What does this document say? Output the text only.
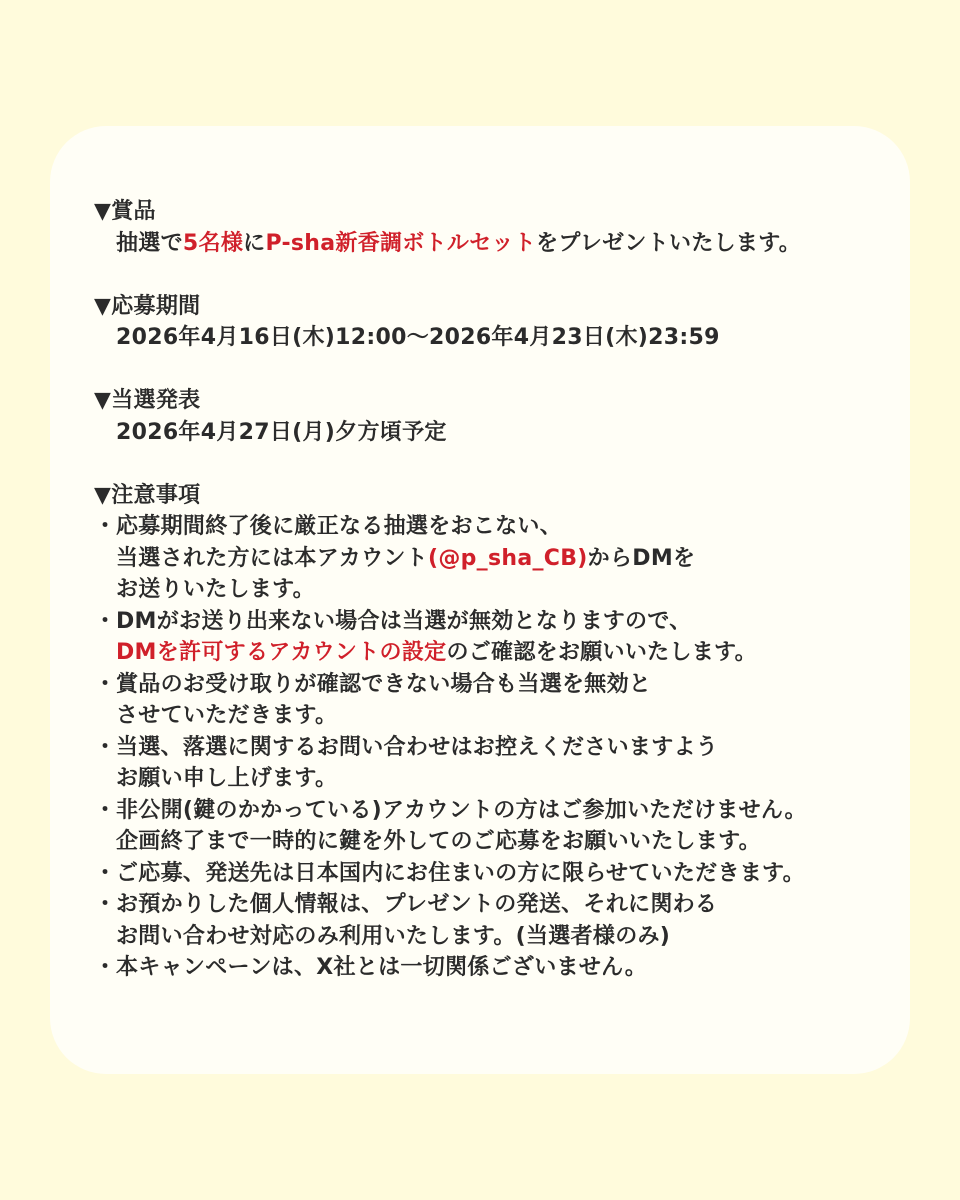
▼賞品
抽選で5名様にP-sha新香調ボトルセットをプレゼントいたします。
▼応募期間
2026年4月16日(木)12:00〜2026年4月23日(木)23:59
▼当選発表
2026年4月27日(月)夕方頃予定
▼注意事項
・ 応募期間終了後に厳正なる抽選をおこない、
当選された方には本アカウント(@p_sha_CB)からDMを
お送りいたします。
・ DMがお送り出来ない場合は当選が無効となりますので、
DMを許可するアカウントの設定のご確認をお願いいたします。
・ 賞品のお受け取りが確認できない場合も当選を無効と
させていただきます。
・ 当選、落選に関するお問い合わせはお控えくださいますよう
お願い申し上げます。
・ 非公開(鍵のかかっている)アカウントの方はご参加いただけません。
企画終了まで一時的に鍵を外してのご応募をお願いいたします。
・ ご応募、発送先は日本国内にお住まいの方に限らせていただきます。
・ お預かりした個人情報は、プレゼントの発送、それに関わる
お問い合わせ対応のみ利用いたします。(当選者様のみ)
・ 本キャンペーンは、X社とは一切関係ございません。
